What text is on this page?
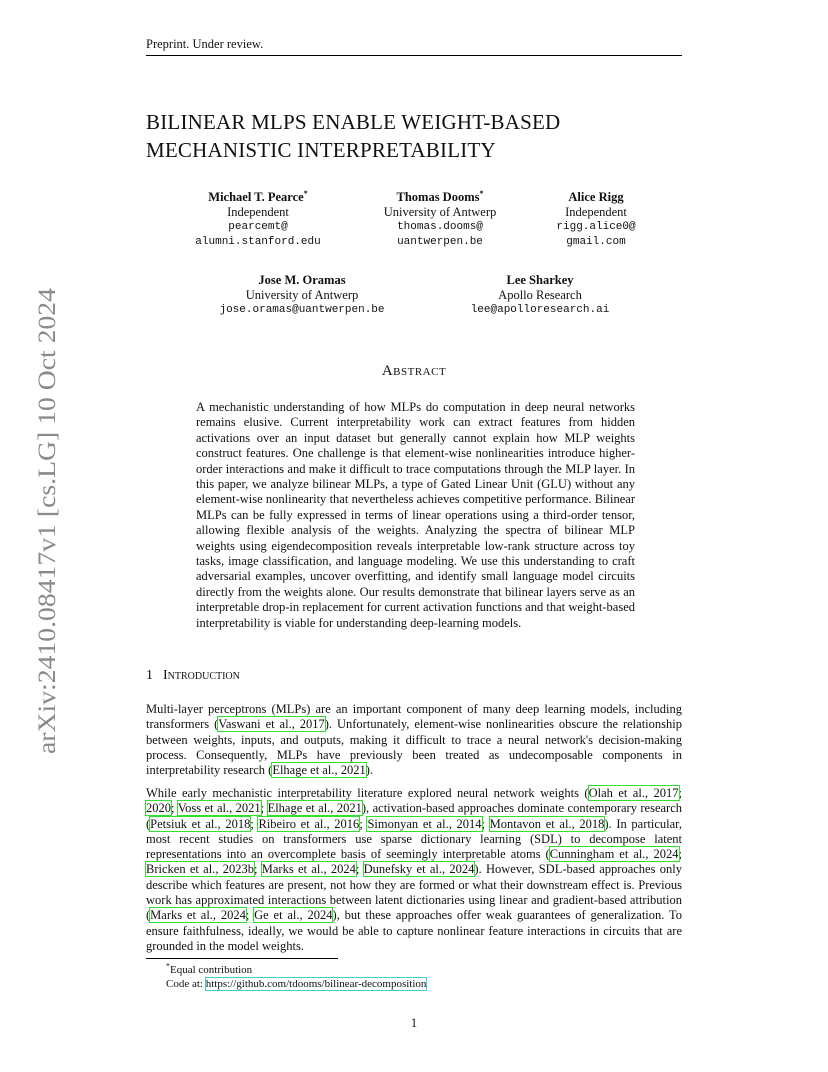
Preprint. Under review.
arXiv:2410.08417v1 [cs.LG] 10 Oct 2024
BILINEAR MLPS ENABLE WEIGHT-BASED
MECHANISTIC INTERPRETABILITY
Michael T. Pearce*
Independent
pearcemt@
alumni.stanford.edu
Thomas Dooms*
University of Antwerp
thomas.dooms@
uantwerpen.be
Alice Rigg
Independent
rigg.alice0@
gmail.com
Jose M. Oramas
University of Antwerp
jose.oramas@uantwerpen.be
Lee Sharkey
Apollo Research
lee@apolloresearch.ai
Abstract
A mechanistic understanding of how MLPs do computation in deep neural networks remains elusive. Current interpretability work can extract features from hidden activations over an input dataset but generally cannot explain how MLP weights construct features. One challenge is that element-wise nonlinearities introduce higher-order interactions and make it difficult to trace computations through the MLP layer. In this paper, we analyze bilinear MLPs, a type of Gated Linear Unit (GLU) without any element-wise nonlinearity that nevertheless achieves competitive performance. Bilinear MLPs can be fully expressed in terms of linear operations using a third-order tensor, allowing flexible analysis of the weights. Analyzing the spectra of bilinear MLP weights using eigendecomposition reveals interpretable low-rank structure across toy tasks, image classification, and language modeling. We use this understanding to craft adversarial examples, uncover overfitting, and identify small language model circuits directly from the weights alone. Our results demonstrate that bilinear layers serve as an interpretable drop-in replacement for current activation functions and that weight-based interpretability is viable for understanding deep-learning models.
1 Introduction
Multi-layer perceptrons (MLPs) are an important component of many deep learning models, including transformers (Vaswani et al., 2017). Unfortunately, element-wise nonlinearities obscure the relationship between weights, inputs, and outputs, making it difficult to trace a neural network's decision-making process. Consequently, MLPs have previously been treated as undecomposable components in interpretability research (Elhage et al., 2021).
While early mechanistic interpretability literature explored neural network weights (Olah et al., 2017; 2020; Voss et al., 2021; Elhage et al., 2021), activation-based approaches dominate contemporary research (Petsiuk et al., 2018; Ribeiro et al., 2016; Simonyan et al., 2014; Montavon et al., 2018). In particular, most recent studies on transformers use sparse dictionary learning (SDL) to decompose latent representations into an overcomplete basis of seemingly interpretable atoms (Cunningham et al., 2024; Bricken et al., 2023b; Marks et al., 2024; Dunefsky et al., 2024). However, SDL-based approaches only describe which features are present, not how they are formed or what their downstream effect is. Previous work has approximated interactions between latent dictionaries using linear and gradient-based attribution (Marks et al., 2024; Ge et al., 2024), but these approaches offer weak guarantees of generalization. To ensure faithfulness, ideally, we would be able to capture nonlinear feature interactions in circuits that are grounded in the model weights.
*Equal contribution
Code at: https://github.com/tdooms/bilinear-decomposition
1
